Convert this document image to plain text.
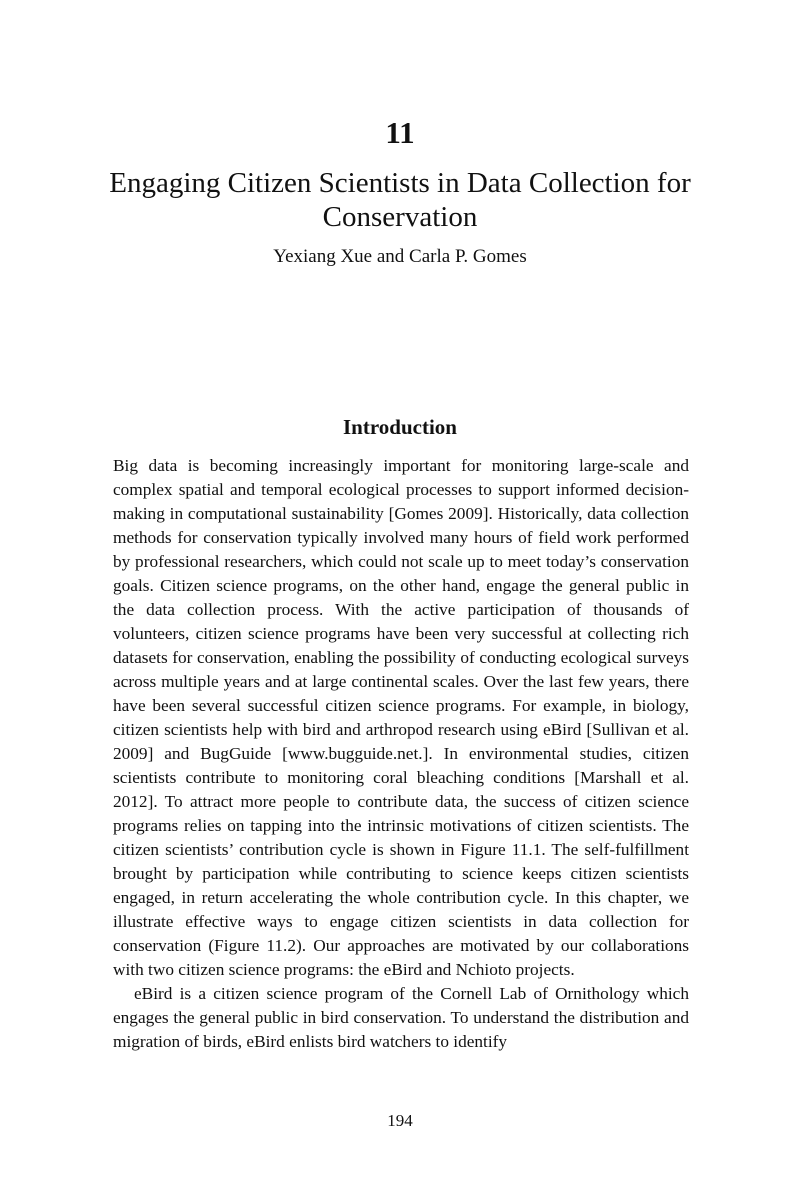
11
Engaging Citizen Scientists in Data Collection for Conservation
Yexiang Xue and Carla P. Gomes
Introduction

Big data is becoming increasingly important for monitoring large-scale and complex spatial and temporal ecological processes to support informed decision-making in computational sustainability [Gomes 2009]. Historically, data collection methods for conservation typically involved many hours of field work performed by professional researchers, which could not scale up to meet today’s conservation goals. Citizen science programs, on the other hand, engage the general public in the data collection process. With the active participation of thousands of volunteers, citizen science programs have been very successful at collecting rich datasets for conservation, enabling the possibility of conducting ecological surveys across multiple years and at large continental scales. Over the last few years, there have been several successful citizen science programs. For example, in biology, citizen scientists help with bird and arthropod research using eBird [Sullivan et al. 2009] and BugGuide [www.bugguide.net.]. In environmental studies, citizen scientists contribute to monitoring coral bleaching conditions [Marshall et al. 2012]. To attract more people to contribute data, the success of citizen science programs relies on tapping into the intrinsic motivations of citizen scientists. The citizen scientists’ contribution cycle is shown in Figure 11.1. The self-fulfillment brought by participation while contributing to science keeps citizen scientists engaged, in return accelerating the whole contribution cycle. In this chapter, we illustrate effective ways to engage citizen scientists in data collection for conservation (Figure 11.2). Our approaches are motivated by our collaborations with two citizen science programs: the eBird and Nchioto projects.

eBird is a citizen science program of the Cornell Lab of Ornithology which engages the general public in bird conservation. To understand the distribution and migration of birds, eBird enlists bird watchers to identify

194
